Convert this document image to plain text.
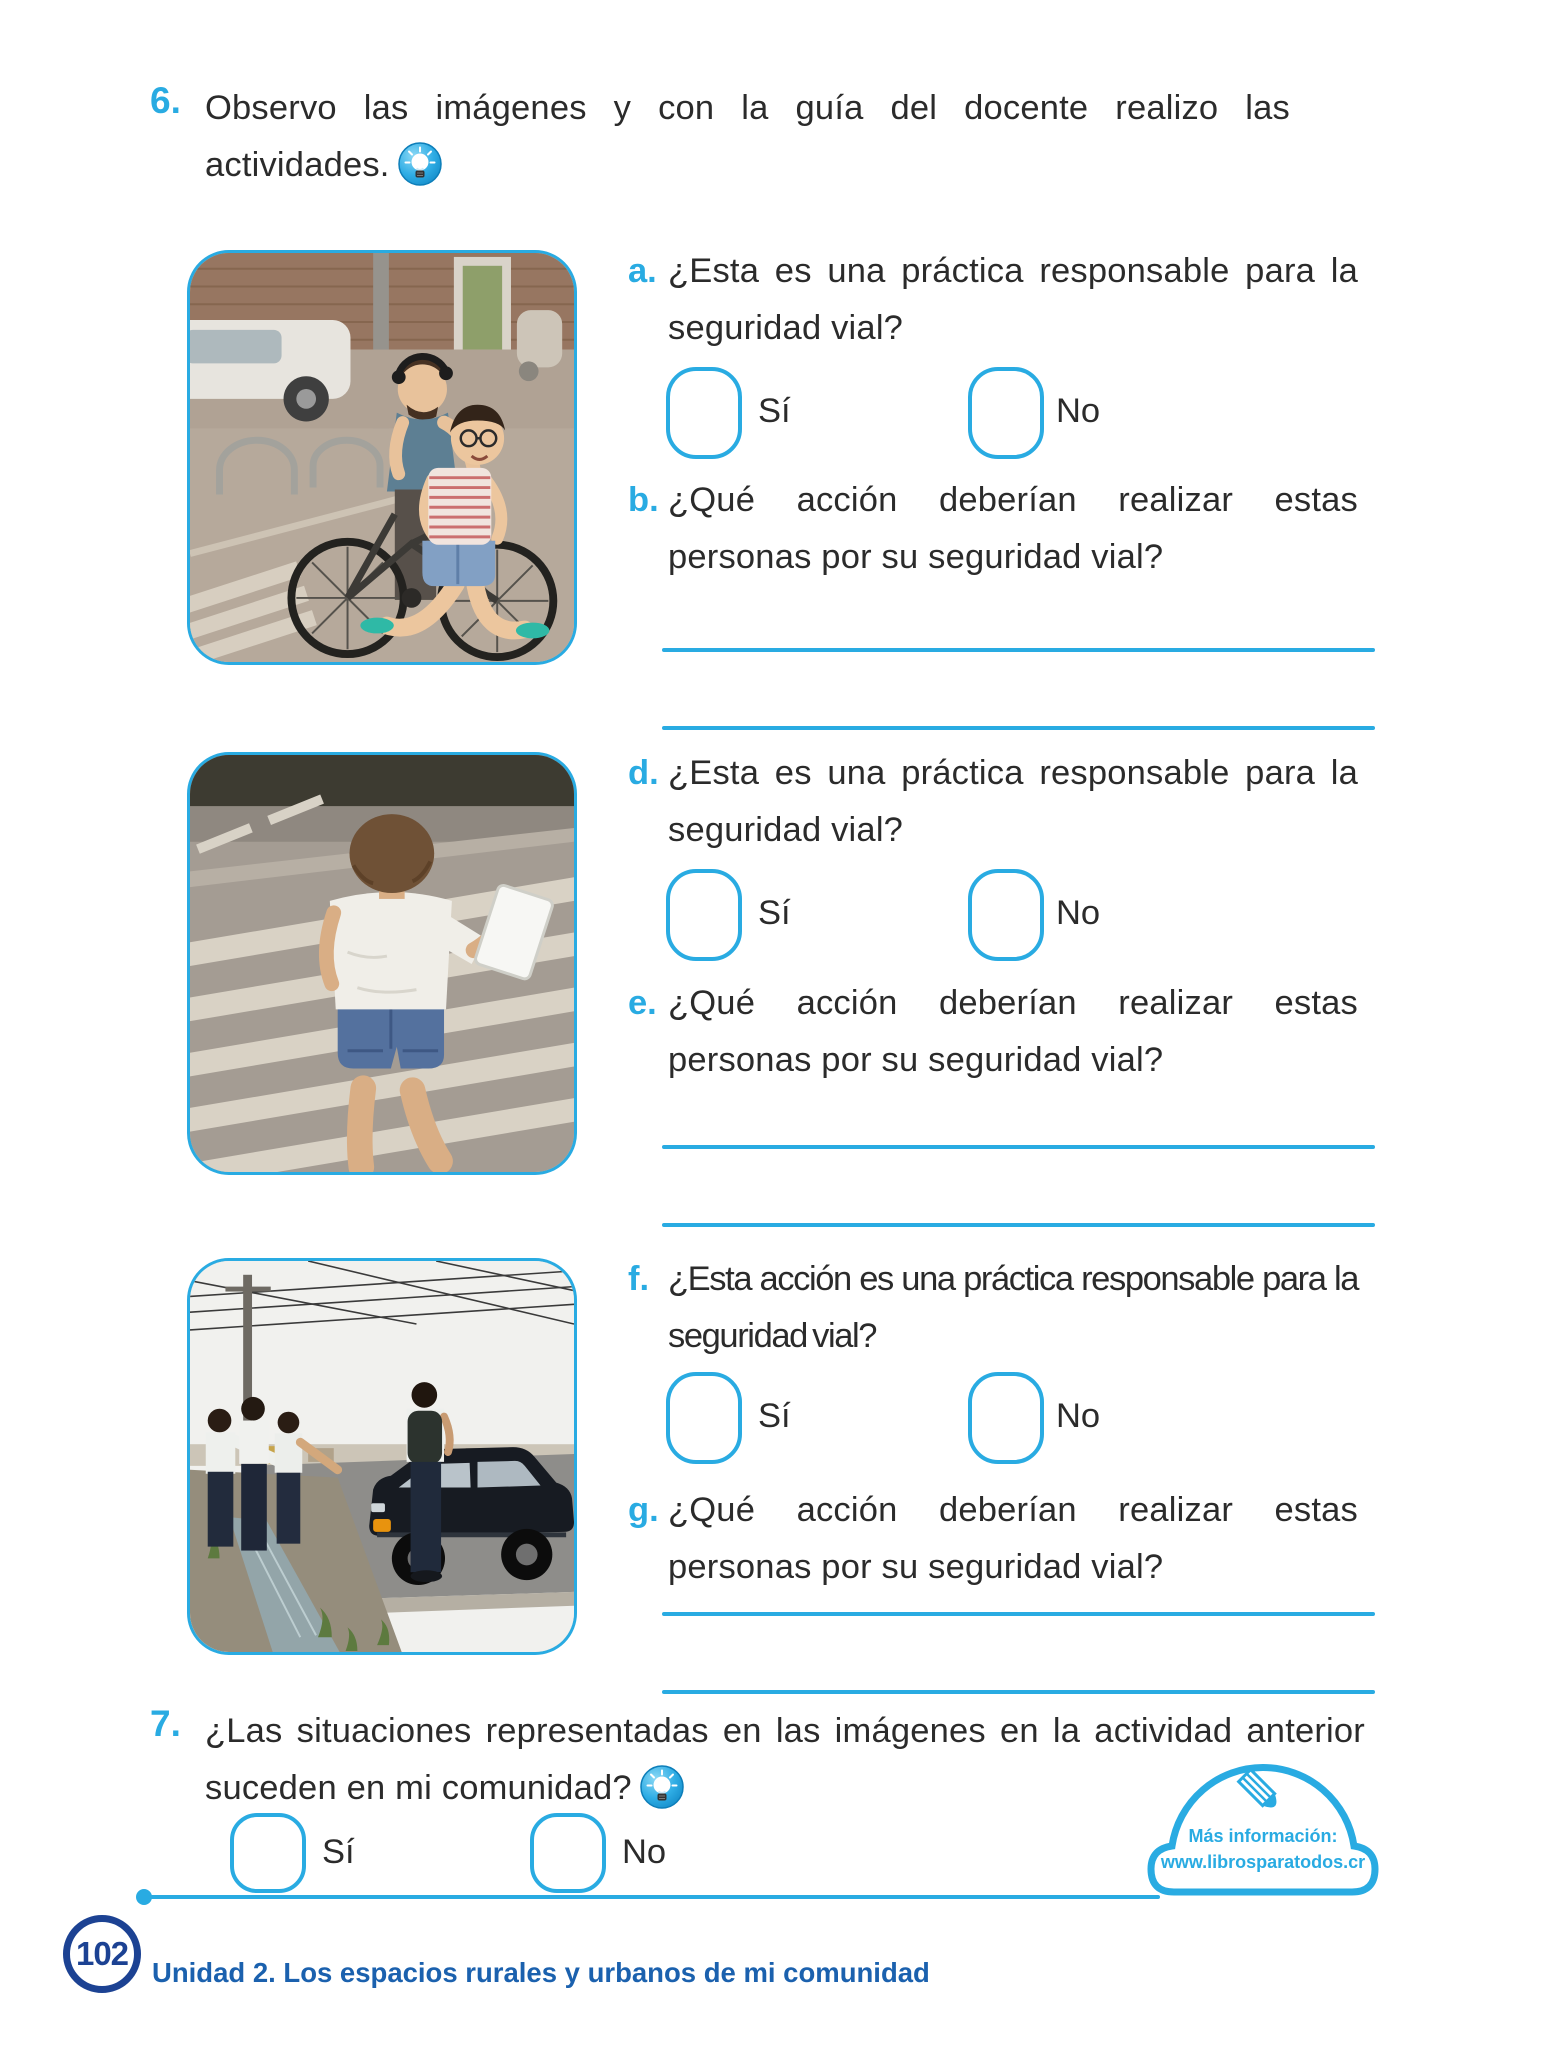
6. Observo las imágenes y con la guía del docente realizo las actividades.
a. ¿Esta es una práctica responsable para la seguridad vial?
Sí	No
b. ¿Qué acción deberían realizar estas personas por su seguridad vial?
d. ¿Esta es una práctica responsable para la seguridad vial?
Sí	No
e. ¿Qué acción deberían realizar estas personas por su seguridad vial?
f. ¿Esta acción es una práctica responsable para la seguridad vial?
Sí	No
g. ¿Qué acción deberían realizar estas personas por su seguridad vial?
7. ¿Las situaciones representadas en las imágenes en la actividad anterior suceden en mi comunidad?
Sí	No	Más información:
www.librosparatodos.cr
102
Unidad 2. Los espacios rurales y urbanos de mi comunidad
